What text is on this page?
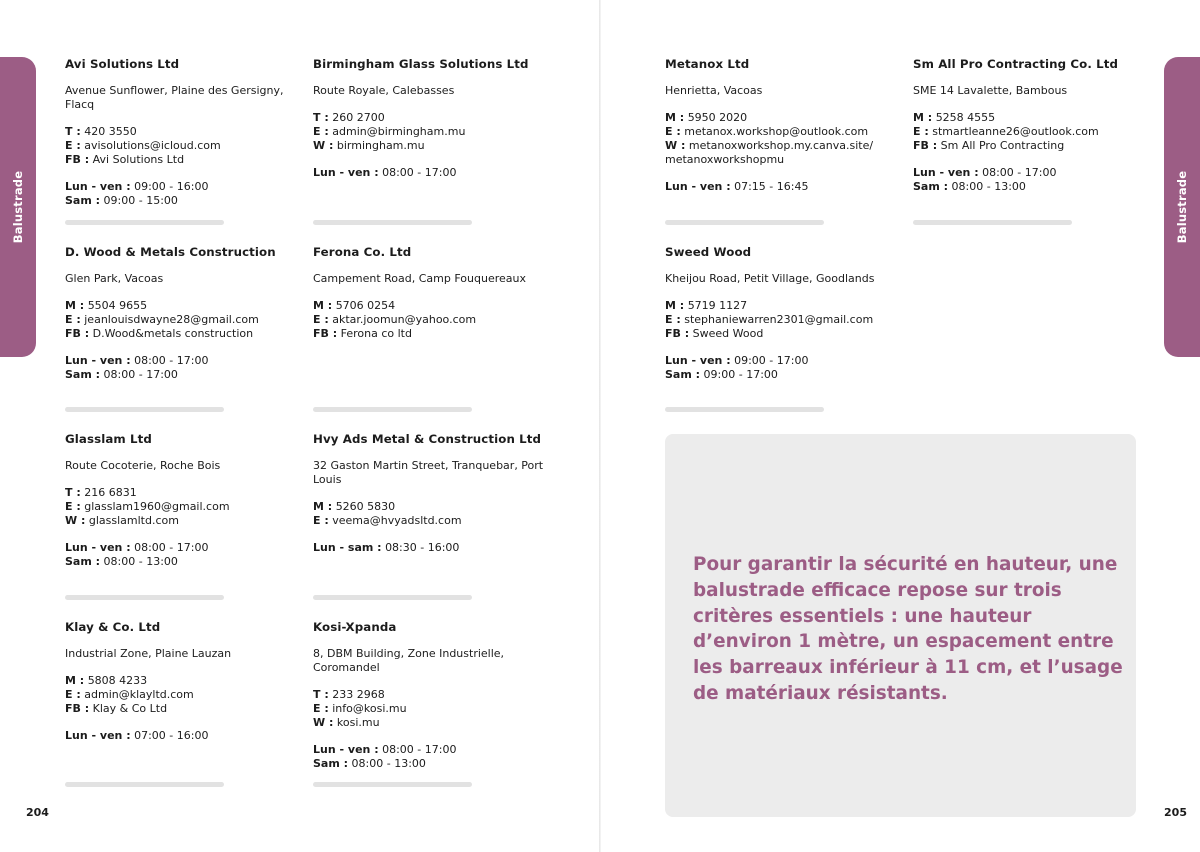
Balustrade	Balustrade
Avi Solutions Ltd

Avenue Sunflower, Plaine des Gersigny, Flacq

T : 420 3550
E : avisolutions@icloud.com
FB : Avi Solutions Ltd

Lun - ven : 09:00 - 16:00
Sam : 09:00 - 15:00

Birmingham Glass Solutions Ltd

Route Royale, Calebasses

T : 260 2700
E : admin@birmingham.mu
W : birmingham.mu

Lun - ven : 08:00 - 17:00

D. Wood & Metals Construction

Glen Park, Vacoas

M : 5504 9655
E : jeanlouisdwayne28@gmail.com
FB : D.Wood&metals construction

Lun - ven : 08:00 - 17:00
Sam : 08:00 - 17:00

Ferona Co. Ltd

Campement Road, Camp Fouquereaux

M : 5706 0254
E : aktar.joomun@yahoo.com
FB : Ferona co ltd

Glasslam Ltd

Route Cocoterie, Roche Bois

T : 216 6831
E : glasslam1960@gmail.com
W : glasslamltd.com

Lun - ven : 08:00 - 17:00
Sam : 08:00 - 13:00

Hvy Ads Metal & Construction Ltd

32 Gaston Martin Street, Tranquebar, Port Louis

M : 5260 5830
E : veema@hvyadsltd.com

Lun - sam : 08:30 - 16:00

Klay & Co. Ltd

Industrial Zone, Plaine Lauzan

M : 5808 4233
E : admin@klayltd.com
FB : Klay & Co Ltd

Lun - ven : 07:00 - 16:00

Kosi-Xpanda

8, DBM Building, Zone Industrielle, Coromandel

T : 233 2968
E : info@kosi.mu
W : kosi.mu

Lun - ven : 08:00 - 17:00
Sam : 08:00 - 13:00

Metanox Ltd

Henrietta, Vacoas

M : 5950 2020
E : metanox.workshop@outlook.com
W : metanoxworkshop.my.canva.site/ metanoxworkshopmu

Lun - ven : 07:15 - 16:45

Sm All Pro Contracting Co. Ltd

SME 14 Lavalette, Bambous

M : 5258 4555
E : stmartleanne26@outlook.com
FB : Sm All Pro Contracting

Lun - ven : 08:00 - 17:00
Sam : 08:00 - 13:00

Sweed Wood

Kheijou Road, Petit Village, Goodlands

M : 5719 1127
E : stephaniewarren2301@gmail.com
FB : Sweed Wood

Lun - ven : 09:00 - 17:00
Sam : 09:00 - 17:00

Pour garantir la sécurité en hauteur, une balustrade efficace repose sur trois critères essentiels : une hauteur d’environ 1 mètre, un espacement entre les barreaux inférieur à 11 cm, et l’usage de matériaux résistants.

204	205
